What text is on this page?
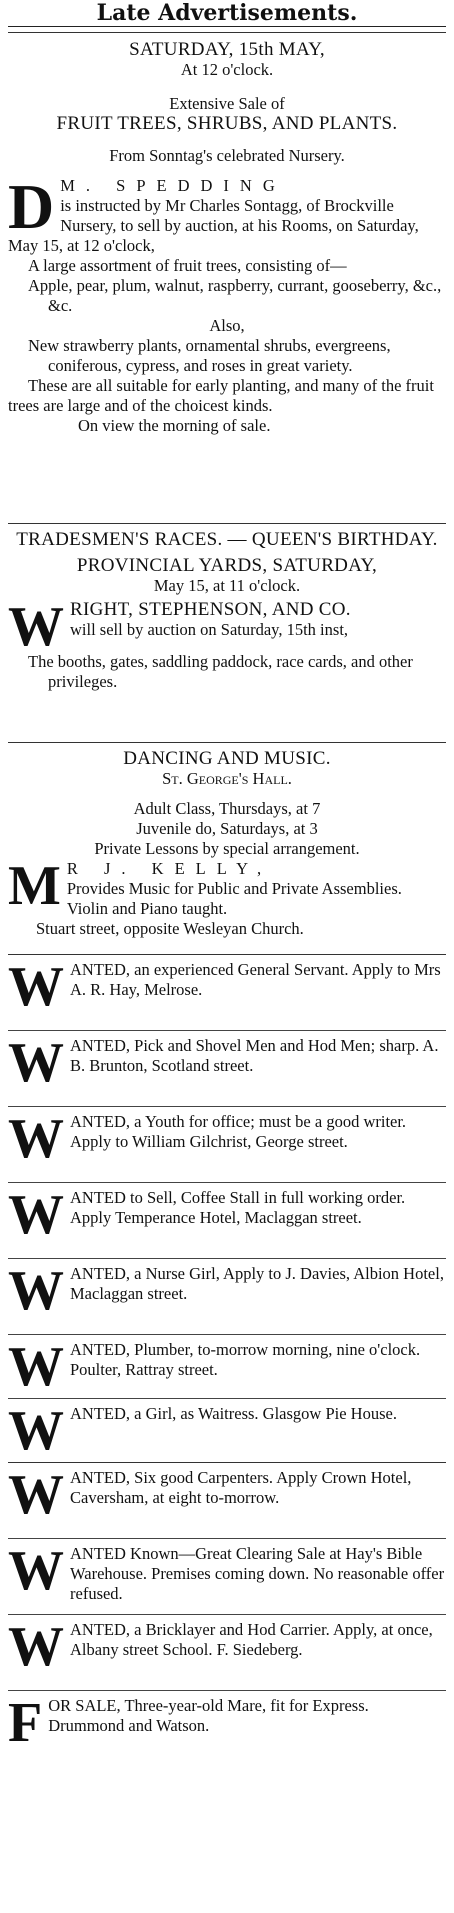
Late Advertisements.

SATURDAY, 15th MAY,

At 12 o'clock.

Extensive Sale of

FRUIT TREES, SHRUBS, AND PLANTS.

From Sonntag's celebrated Nursery.

D M. SPEDDING

is instructed by Mr Charles Sontagg, of Brockville Nursery, to sell by auction, at his Rooms, on Saturday, May 15, at 12 o'clock,

A large assortment of fruit trees, consisting of—

Apple, pear, plum, walnut, raspberry, currant, gooseberry, &c., &c.

Also,

New strawberry plants, ornamental shrubs, evergreens, coniferous, cypress, and roses in great variety.

These are all suitable for early planting, and many of the fruit trees are large and of the choicest kinds.

On view the morning of sale.

TRADESMEN'S RACES. — QUEEN'S BIRTHDAY.

PROVINCIAL YARDS, SATURDAY,

May 15, at 11 o'clock.

W RIGHT, STEPHENSON, AND CO.

will sell by auction on Saturday, 15th inst,

The booths, gates, saddling paddock, race cards, and other privileges.

DANCING AND MUSIC.

St. George's Hall.

Adult Class, Thursdays, at 7

Juvenile do, Saturdays, at 3

Private Lessons by special arrangement.

M R J. KELLY,

Provides Music for Public and Private Assemblies. Violin and Piano taught.

Stuart street, opposite Wesleyan Church.

W ANTED, an experienced General Servant. Apply to Mrs A. R. Hay, Melrose.

W ANTED, Pick and Shovel Men and Hod Men; sharp. A. B. Brunton, Scotland street.

W ANTED, a Youth for office; must be a good writer. Apply to William Gilchrist, George street.

W ANTED to Sell, Coffee Stall in full working order. Apply Temperance Hotel, Maclaggan street.

W ANTED, a Nurse Girl, Apply to J. Davies, Albion Hotel, Maclaggan street.

W ANTED, Plumber, to-morrow morning, nine o'clock. Poulter, Rattray street.

W ANTED, a Girl, as Waitress. Glasgow Pie House.

W ANTED, Six good Carpenters. Apply Crown Hotel, Caversham, at eight to-morrow.

W ANTED Known—Great Clearing Sale at Hay's Bible Warehouse. Premises coming down. No reasonable offer refused.

W ANTED, a Bricklayer and Hod Carrier. Apply, at once, Albany street School. F. Siedeberg.

F OR SALE, Three-year-old Mare, fit for Express. Drummond and Watson.
